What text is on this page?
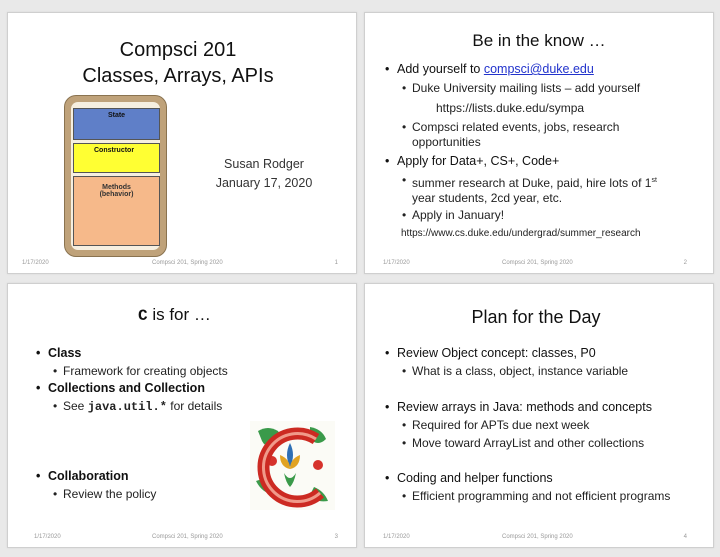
Compsci 201
Classes, Arrays, APIs
State
Constructor
Methods
(behavior)
Susan Rodger
January 17, 2020
1/17/2020	Compsci 201, Spring 2020	1
Be in the know …
• Add yourself to compsci@duke.edu
• Duke University mailing lists – add yourself
https://lists.duke.edu/sympa
• Compsci related events, jobs, research
opportunities
• Apply for Data+, CS+, Code+
• summer research at Duke, paid, hire lots of 1st
year students, 2cd year, etc.
• Apply in January!
https://www.cs.duke.edu/undergrad/summer_research
1/17/2020	Compsci 201, Spring 2020	2
C is for …
• Class
• Framework for creating objects
• Collections and Collection
• See java.util.* for details
• Collaboration
• Review the policy
1/17/2020	Compsci 201, Spring 2020	3
Plan for the Day
• Review Object concept: classes, P0
• What is a class, object, instance variable
• Review arrays in Java: methods and concepts
• Required for APTs due next week
• Move toward ArrayList and other collections
• Coding and helper functions
• Efficient programming and not efficient programs
1/17/2020	Compsci 201, Spring 2020	4
